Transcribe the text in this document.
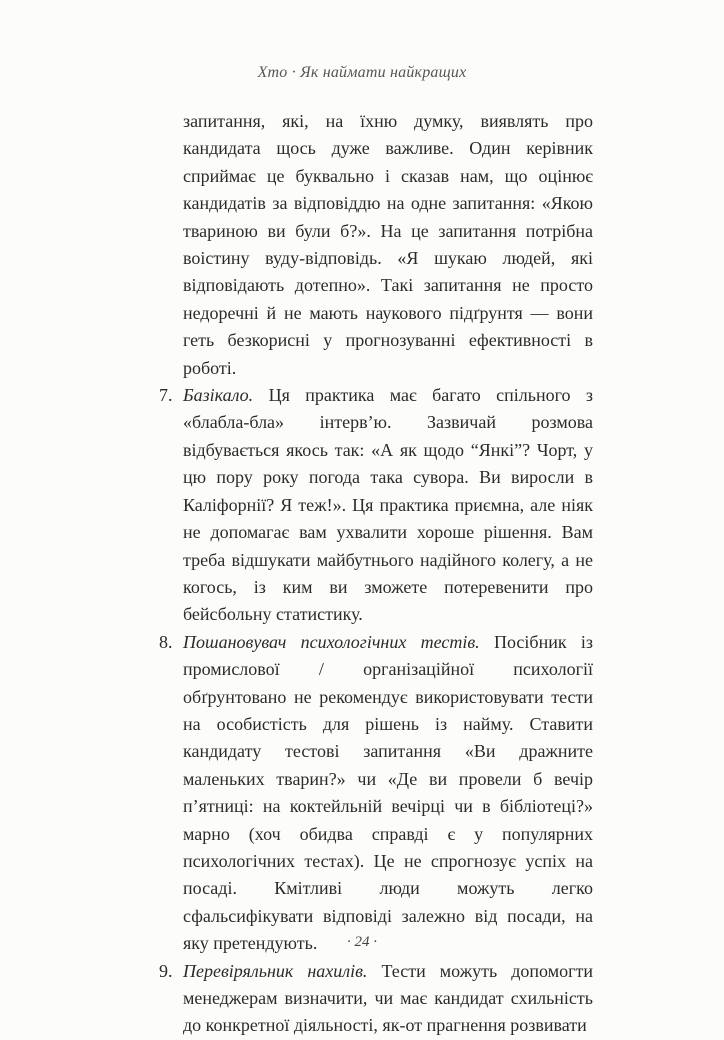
Хто · Як наймати найкращих

запитання, які, на їхню думку, виявлять про кандидата щось дуже важливе. Один керівник сприймає це буквально і сказав нам, що оцінює кандидатів за відповіддю на одне запитання: «Якою твариною ви були б?». На це запитання потрібна воістину вуду-відповідь. «Я шукаю людей, які відповідають дотепно». Такі запитання не просто недоречні й не мають наукового підґрунтя — вони геть безкорисні у прогнозуванні ефективності в роботі.

7. Базікало. Ця практика має багато спільного з «блабла-бла» інтерв’ю. Зазвичай розмова відбувається якось так: «А як щодо “Янкі”? Чорт, у цю пору року погода така сувора. Ви виросли в Каліфорнії? Я теж!». Ця практика приємна, але ніяк не допомагає вам ухвалити хороше рішення. Вам треба відшукати майбутнього надійного колегу, а не когось, із ким ви зможете потеревенити про бейсбольну статистику.

8. Пошановувач психологічних тестів. Посібник із промислової / організаційної психології обґрунтовано не рекомендує використовувати тести на особистість для рішень із найму. Ставити кандидату тестові запитання «Ви дражните маленьких тварин?» чи «Де ви провели б вечір п’ятниці: на коктейльній вечірці чи в бібліотеці?» марно (хоч обидва справді є у популярних психологічних тестах). Це не спрогнозує успіх на посаді. Кмітливі люди можуть легко сфальсифікувати відповіді залежно від посади, на яку претендують.

9. Перевіряльник нахилів. Тести можуть допомогти менеджерам визначити, чи має кандидат схильність до конкретної діяльності, як-от прагнення розвивати

· 24 ·
